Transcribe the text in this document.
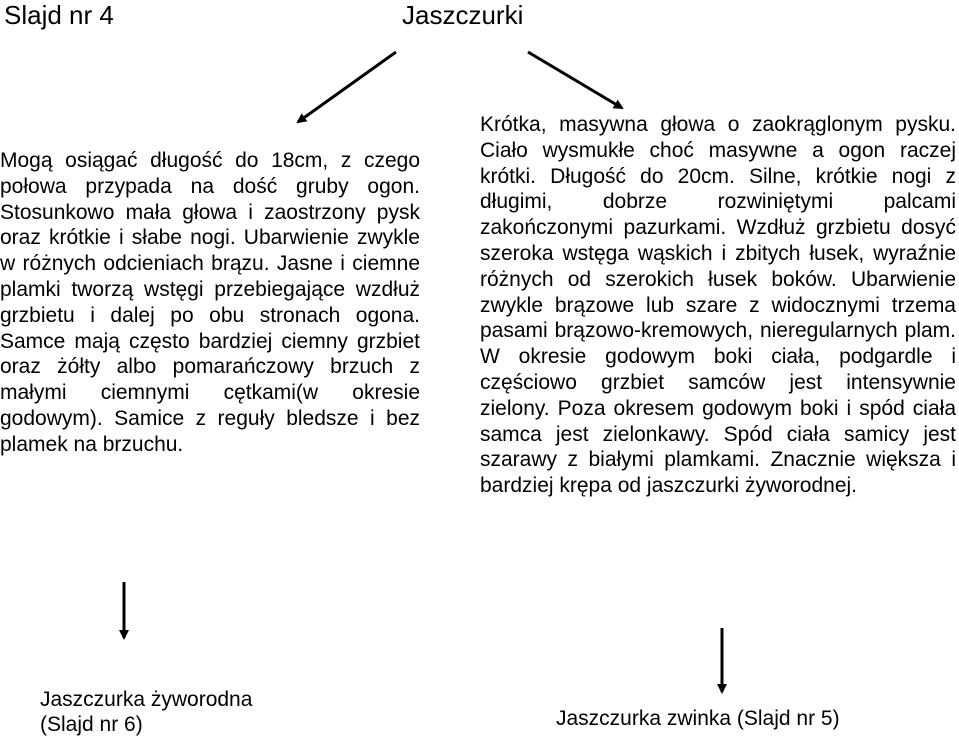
Slajd nr 4	Jaszczurki

Mogą osiągać długość do 18cm, z czego połowa przypada na dość gruby ogon. Stosunkowo mała głowa i zaostrzony pysk oraz krótkie i słabe nogi. Ubarwienie zwykle w różnych odcieniach brązu. Jasne i ciemne plamki tworzą wstęgi przebiegające wzdłuż grzbietu i dalej po obu stronach ogona. Samce mają często bardziej ciemny grzbiet oraz żółty albo pomarańczowy brzuch z małymi ciemnymi cętkami(w okresie godowym). Samice z reguły bledsze i bez plamek na brzuchu.

Krótka, masywna głowa o zaokrąglonym pysku. Ciało wysmukłe choć masywne a ogon raczej krótki. Długość do 20cm. Silne, krótkie nogi z długimi, dobrze rozwiniętymi palcami zakończonymi pazurkami. Wzdłuż grzbietu dosyć szeroka wstęga wąskich i zbitych łusek, wyraźnie różnych od szerokich łusek boków. Ubarwienie zwykle brązowe lub szare z widocznymi trzema pasami brązowo-kremowych, nieregularnych plam. W okresie godowym boki ciała, podgardle i częściowo grzbiet samców jest intensywnie zielony. Poza okresem godowym boki i spód ciała samca jest zielonkawy. Spód ciała samicy jest szarawy z białymi plamkami. Znacznie większa i bardziej krępa od jaszczurki żyworodnej.

Jaszczurka żyworodna
(Slajd nr 6)	Jaszczurka zwinka (Slajd nr 5)
